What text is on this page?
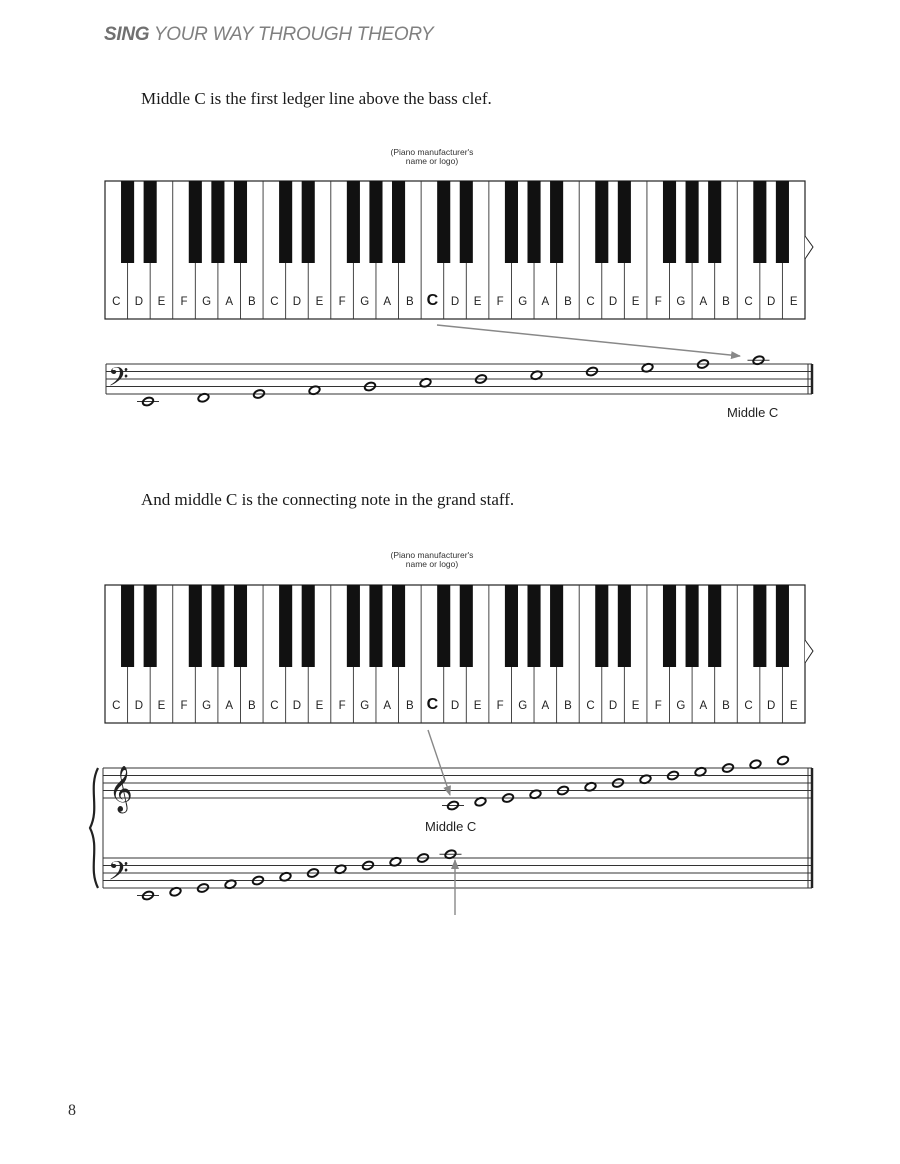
SING YOUR WAY THROUGH THEORY
Middle C is the first ledger line above the bass clef.
And middle C is the connecting note in the grand staff.
(Piano manufacturer's
name or logo)
(Piano manufacturer's
name or logo)
C D E F G A B C D E F G A B C D E F G A B C D E F G A B C D E
C D E F G A B C D E F G A B C D E F G A B C D E F G A B C D E
𝄢
Middle C
𝄞
𝄢
Middle C
8
